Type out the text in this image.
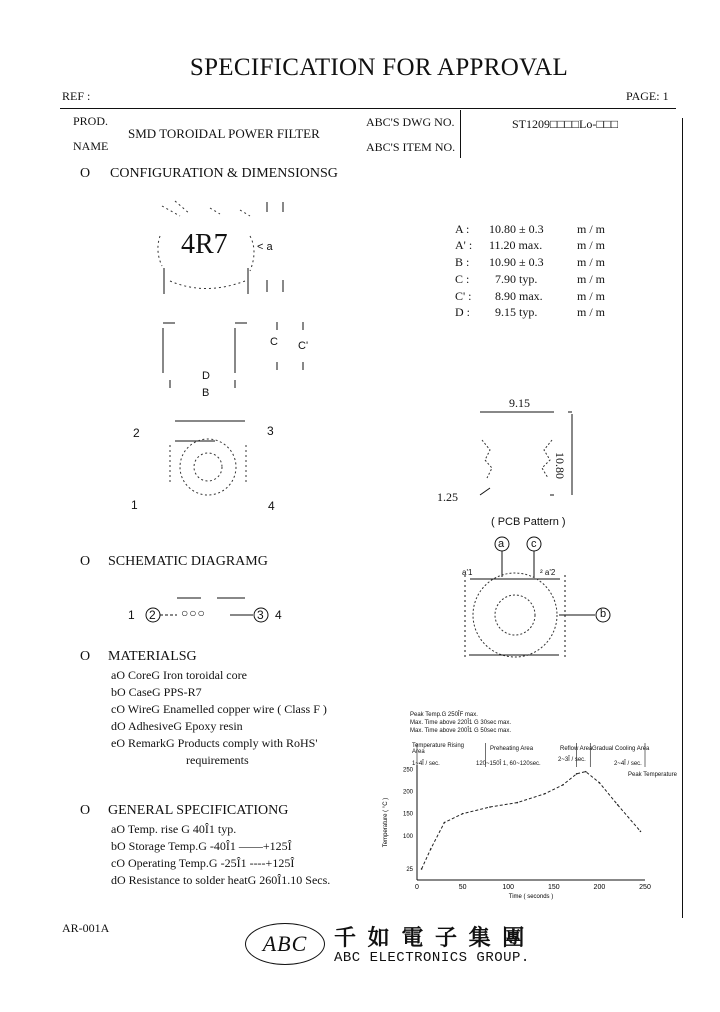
SPECIFICATION FOR APPROVAL
REF :	PAGE: 1
PROD.
NAME
SMD TOROIDAL POWER FILTER
ABC'S DWG NO.
ABC'S ITEM NO.
ST1209□□□□Lo-□□□
O CONFIGURATION & DIMENSIONSG
4R7	< a
C C'
D
B
2	3
1	4
A : 10.80 ± 0.3	m / m
A' : 11.20 max.	m / m
B : 10.90 ± 0.3	m / m
C : 7.90 typ.	m / m
C' : 8.90 max.	m / m
D : 9.15 typ.	m / m
9.15
10.80
1.25
( PCB Pattern )
O SCHEMATIC DIAGRAMG
1 2 ○○○	3 4
a c
b
a'1	² a'2
O MATERIALSG
aO CoreG Iron toroidal core
bO CaseG PPS-R7
cO WireG Enamelled copper wire ( Class F )
dO AdhesiveG Epoxy resin
eO RemarkG Products comply with RoHS'
requirements
O GENERAL SPECIFICATIONG
aO Temp. rise G 40Î1 typ.
bO Storage Temp.G -40Î1 ——+125Î
cO Operating Temp.G -25Î1 ----+125Î
dO Resistance to solder heatG 260Î1.10 Secs.
Peak Temp.G 250ÎF max.
Max. Time above 220Î1 G 30sec max.
Max. Time above 200Î1 G 50sec max.
Temperature Rising Area	Preheating Area	Reflow Area Gradual Cooling Area
1~4Î / sec.	120~150Î 1, 60~120sec.
2~3Î / sec.
2~4Î / sec.
Peak Temperature
0	50	100	150	200	250
25
100
150
200
250
Time ( seconds )
Temperature ( °C )
AR-001A
ABC	千 如 電 子 集 團
ABC ELECTRONICS GROUP.
